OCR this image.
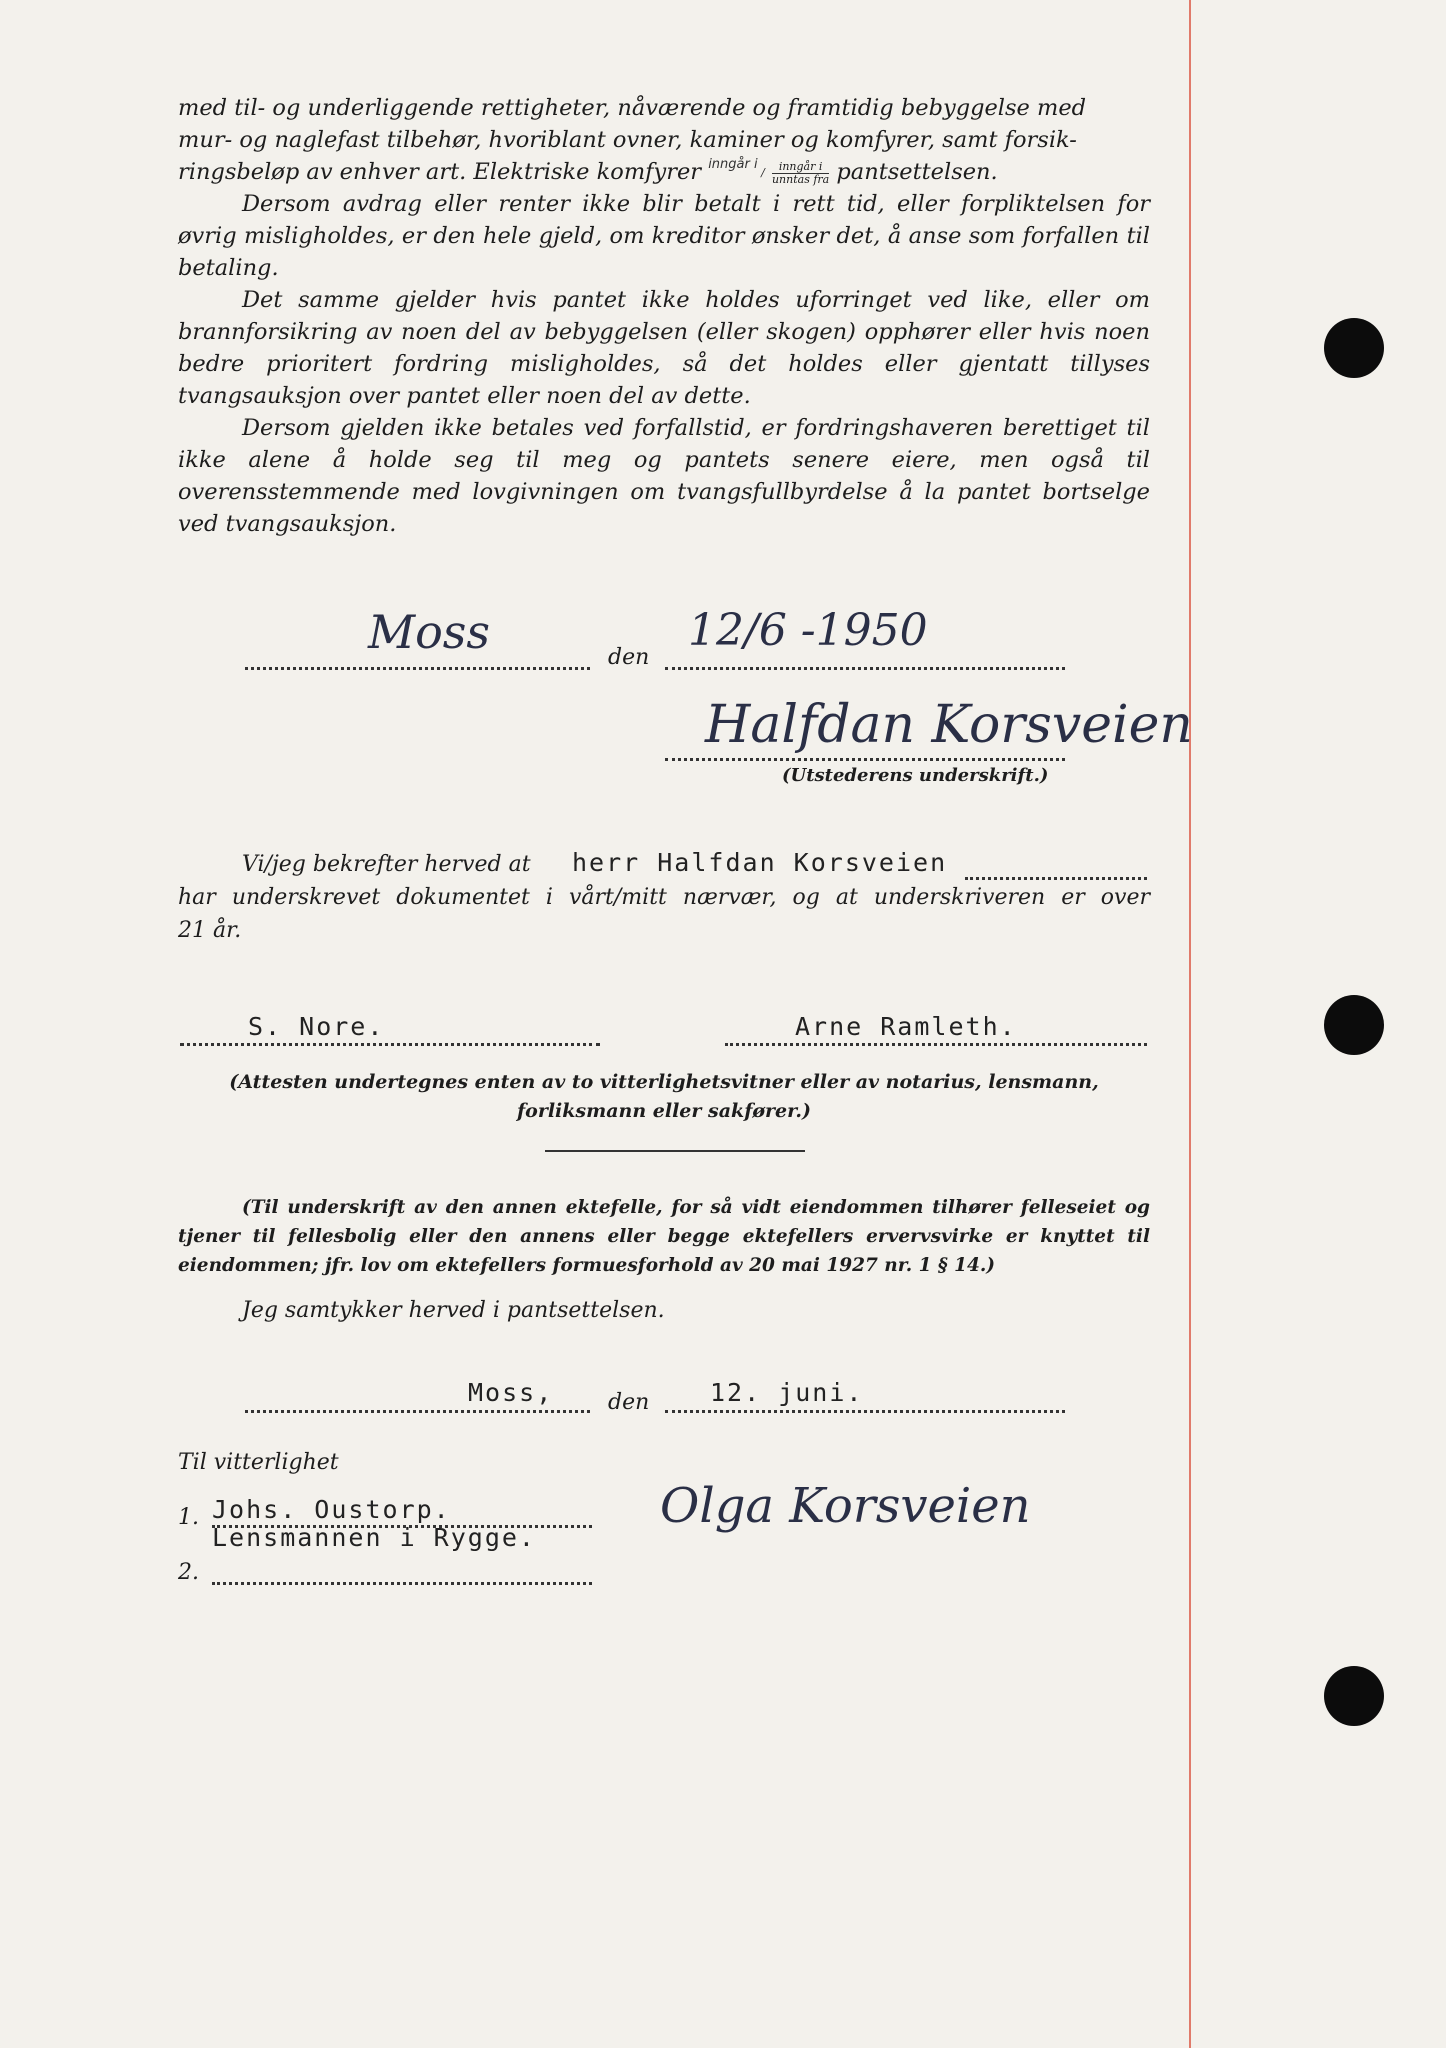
med til- og underliggende rettigheter, nåværende og framtidig bebyggelse med

mur- og naglefast tilbehør, hvoriblant ovner, kaminer og komfyrer, samt forsik-

ringsbeløp av enhver art. Elektriske komfyrer inngår i /	inngår i
unntas fra pantsettelsen.

Dersom avdrag eller renter ikke blir betalt i rett tid, eller forpliktelsen for øvrig misligholdes, er den hele gjeld, om kreditor ønsker det, å anse som forfallen til betaling.

Det samme gjelder hvis pantet ikke holdes uforringet ved like, eller om brannforsikring av noen del av bebyggelsen (eller skogen) opphører eller hvis noen bedre prioritert fordring misligholdes, så det holdes eller gjentatt tillyses tvangsauksjon over pantet eller noen del av dette.

Dersom gjelden ikke betales ved forfallstid, er fordringshaveren berettiget til ikke alene å holde seg til meg og pantets senere eiere, men også til overensstemmende med lovgivningen om tvangsfullbyrdelse å la pantet bortselge ved tvangsauksjon.

Moss	den
12/6 -1950
Halfdan Korsveien
(Utstederens underskrift.)
Vi/jeg bekrefter herved at herr Halfdan Korsveien
har underskrevet dokumentet i vårt/mitt nærvær, og at underskriveren er over
21 år.
S. Nore.	Arne Ramleth.
(Attesten undertegnes enten av to vitterlighetsvitner eller av notarius, lensmann, forliksmann eller sakfører.)
(Til underskrift av den annen ektefelle, for så vidt eiendommen tilhører felleseiet og tjener til fellesbolig eller den annens eller begge ektefellers ervervsvirke er knyttet til eiendommen; jfr. lov om ektefellers formuesforhold av 20 mai 1927 nr. 1 § 14.)
Jeg samtykker herved i pantsettelsen.
Moss, den 12. juni.
Til vitterlighet
1. Johs. Oustorp.
Lensmannen i Rygge.
2.
Olga Korsveien
